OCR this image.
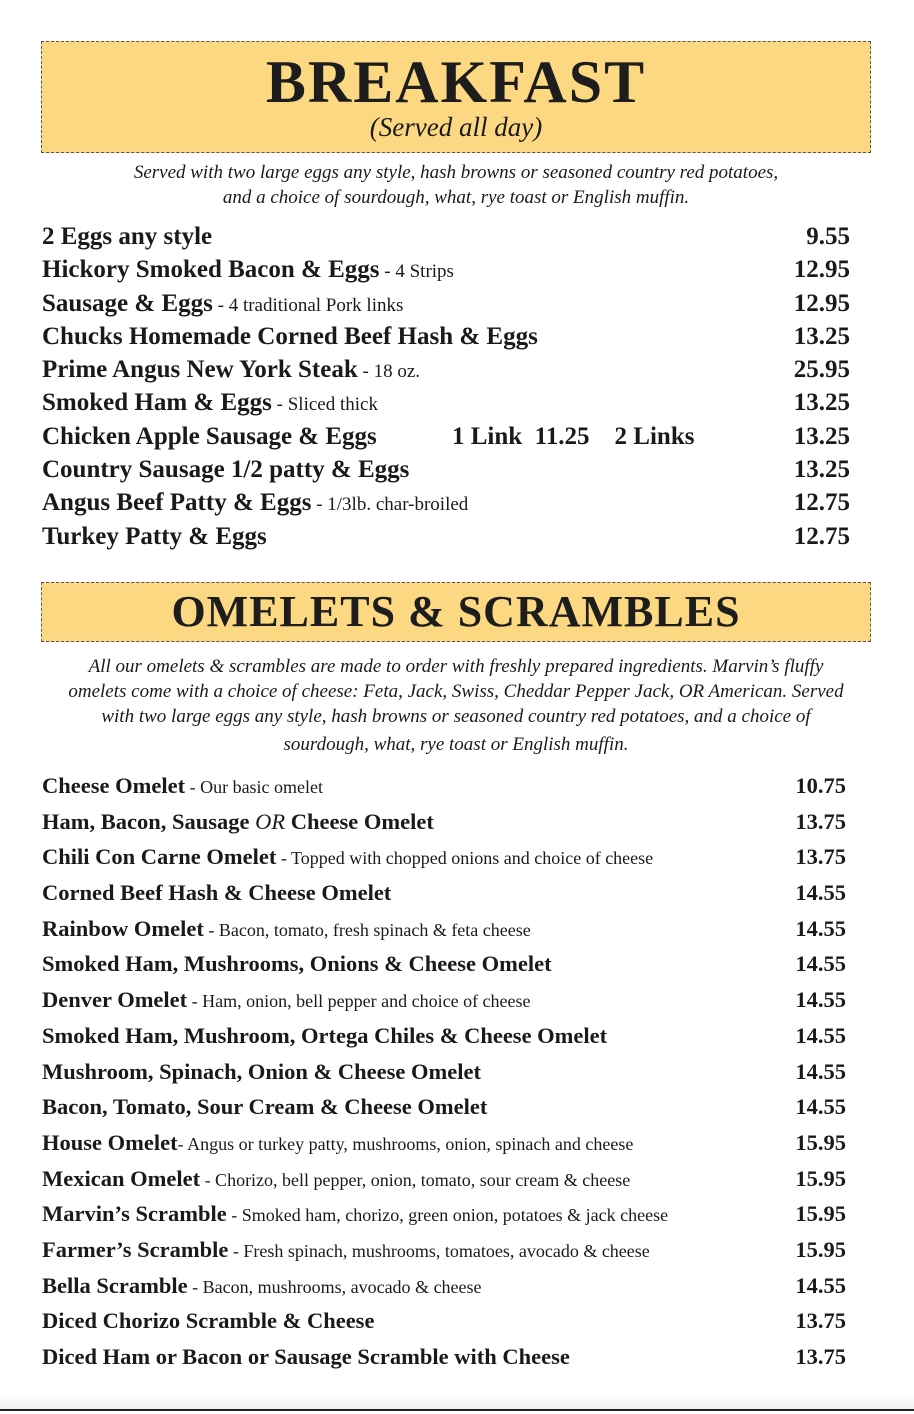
BREAKFAST
(Served all day)
Served with two large eggs any style, hash browns or seasoned country red potatoes,
and a choice of sourdough, what, rye toast or English muffin.
2 Eggs any style	9.55
Hickory Smoked Bacon & Eggs - 4 Strips	12.95
Sausage & Eggs - 4 traditional Pork links	12.95
Chucks Homemade Corned Beef Hash & Eggs	13.25
Prime Angus New York Steak - 18 oz.	25.95
Smoked Ham & Eggs - Sliced thick	13.25
Chicken Apple Sausage & Eggs	1 Link  11.25    2 Links	13.25
Country Sausage 1/2 patty & Eggs	13.25
Angus Beef Patty & Eggs - 1/3lb. char-broiled	12.75
Turkey Patty & Eggs	12.75
OMELETS & SCRAMBLES
All our omelets & scrambles are made to order with freshly prepared ingredients. Marvin’s fluffy
omelets come with a choice of cheese: Feta, Jack, Swiss, Cheddar Pepper Jack, OR American. Served
with two large eggs any style, hash browns or seasoned country red potatoes, and a choice of
sourdough, what, rye toast or English muffin.
Cheese Omelet - Our basic omelet	10.75
Ham, Bacon, Sausage OR Cheese Omelet	13.75
Chili Con Carne Omelet - Topped with chopped onions and choice of cheese	13.75
Corned Beef Hash & Cheese Omelet	14.55
Rainbow Omelet - Bacon, tomato, fresh spinach & feta cheese	14.55
Smoked Ham, Mushrooms, Onions & Cheese Omelet	14.55
Denver Omelet - Ham, onion, bell pepper and choice of cheese	14.55
Smoked Ham, Mushroom, Ortega Chiles & Cheese Omelet	14.55
Mushroom, Spinach, Onion & Cheese Omelet	14.55
Bacon, Tomato, Sour Cream & Cheese Omelet	14.55
House Omelet- Angus or turkey patty, mushrooms, onion, spinach and cheese	15.95
Mexican Omelet - Chorizo, bell pepper, onion, tomato, sour cream & cheese	15.95
Marvin’s Scramble - Smoked ham, chorizo, green onion, potatoes & jack cheese	15.95
Farmer’s Scramble - Fresh spinach, mushrooms, tomatoes, avocado & cheese	15.95
Bella Scramble - Bacon, mushrooms, avocado & cheese	14.55
Diced Chorizo Scramble & Cheese	13.75
Diced Ham or Bacon or Sausage Scramble with Cheese	13.75
